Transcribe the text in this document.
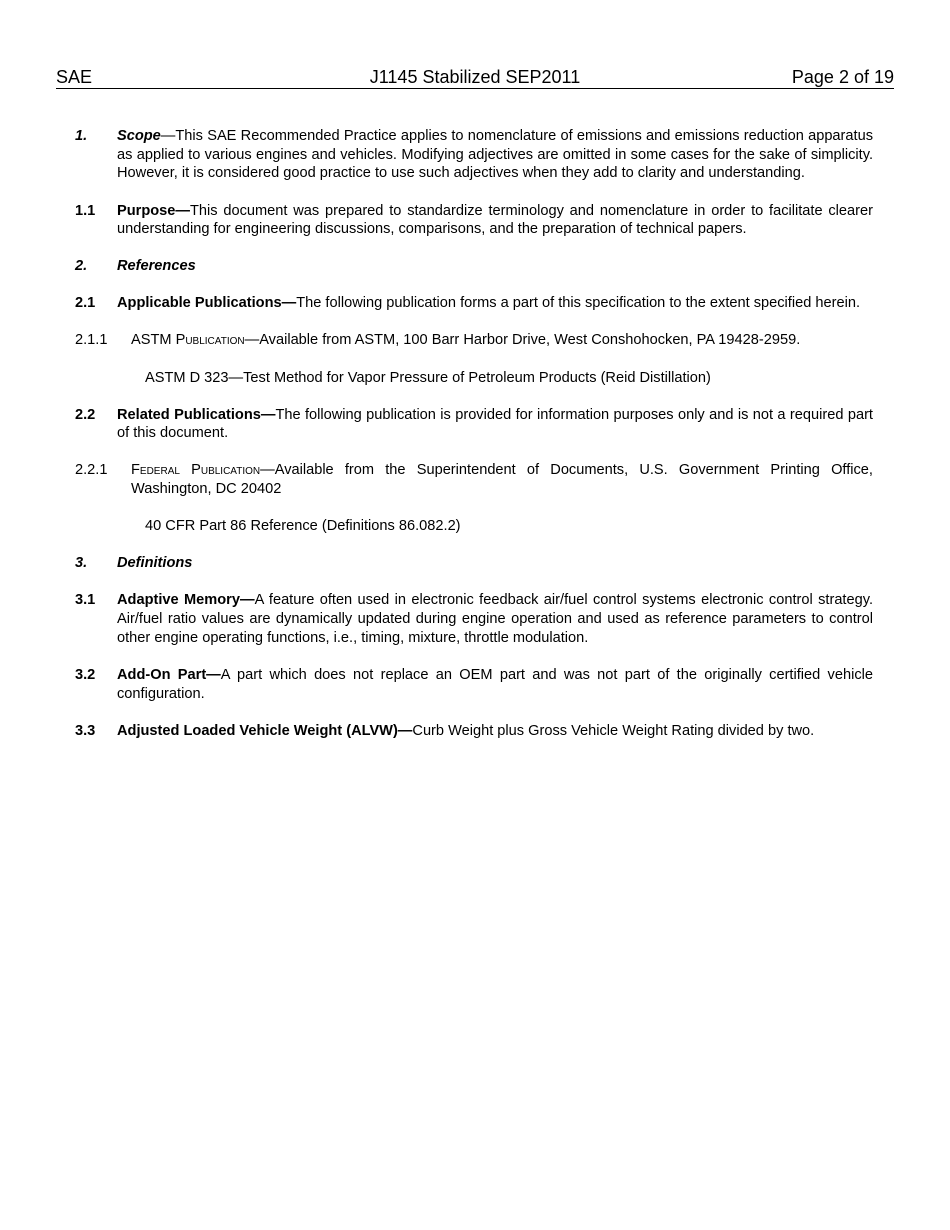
J1145 Stabilized SEP2011
SAE	Page 2 of 19
1. Scope—This SAE Recommended Practice applies to nomenclature of emissions and emissions reduction apparatus as applied to various engines and vehicles. Modifying adjectives are omitted in some cases for the sake of simplicity. However, it is considered good practice to use such adjectives when they add to clarity and understanding.
1.1 Purpose—This document was prepared to standardize terminology and nomenclature in order to facilitate clearer understanding for engineering discussions, comparisons, and the preparation of technical papers.
2. References
2.1 Applicable Publications—The following publication forms a part of this specification to the extent specified herein.
2.1.1 ASTM Publication—Available from ASTM, 100 Barr Harbor Drive, West Conshohocken, PA 19428-2959.
ASTM D 323—Test Method for Vapor Pressure of Petroleum Products (Reid Distillation)
2.2 Related Publications—The following publication is provided for information purposes only and is not a required part of this document.
2.2.1 Federal Publication—Available from the Superintendent of Documents, U.S. Government Printing Office, Washington, DC 20402
40 CFR Part 86 Reference (Definitions 86.082.2)
3. Definitions
3.1 Adaptive Memory—A feature often used in electronic feedback air/fuel control systems electronic control strategy. Air/fuel ratio values are dynamically updated during engine operation and used as reference parameters to control other engine operating functions, i.e., timing, mixture, throttle modulation.
3.2 Add-On Part—A part which does not replace an OEM part and was not part of the originally certified vehicle configuration.
3.3 Adjusted Loaded Vehicle Weight (ALVW)—Curb Weight plus Gross Vehicle Weight Rating divided by two.
